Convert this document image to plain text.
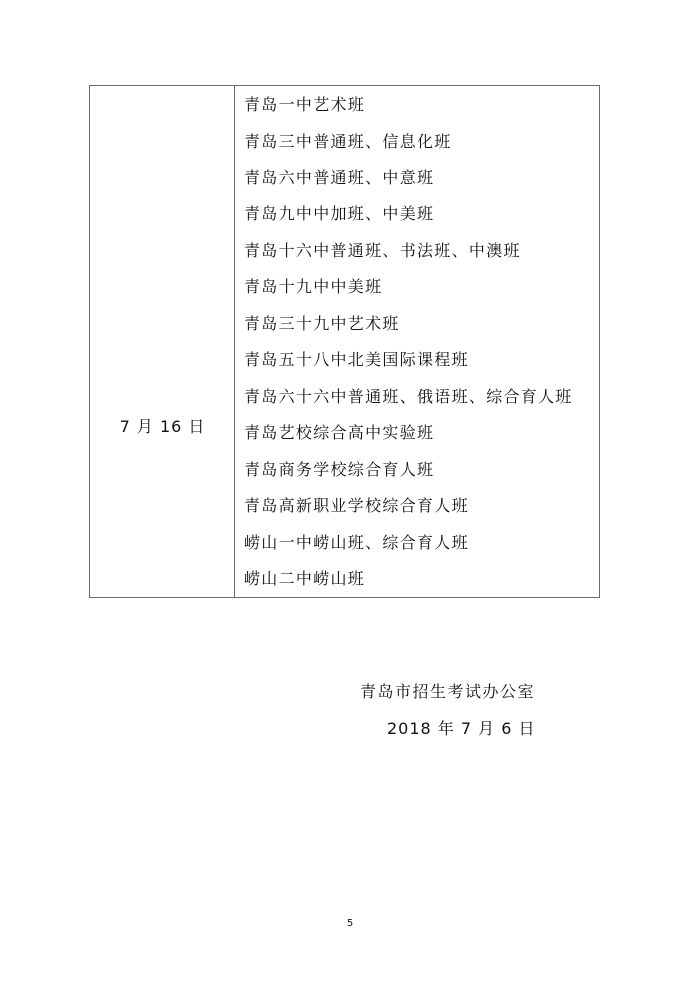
7 月 16 日
青岛一中艺术班
青岛三中普通班、信息化班
青岛六中普通班、中意班
青岛九中中加班、中美班
青岛十六中普通班、书法班、中澳班
青岛十九中中美班
青岛三十九中艺术班
青岛五十八中北美国际课程班
青岛六十六中普通班、俄语班、综合育人班
青岛艺校综合高中实验班
青岛商务学校综合育人班
青岛高新职业学校综合育人班
崂山一中崂山班、综合育人班
崂山二中崂山班
青岛市招生考试办公室
2018 年 7 月 6 日
5
